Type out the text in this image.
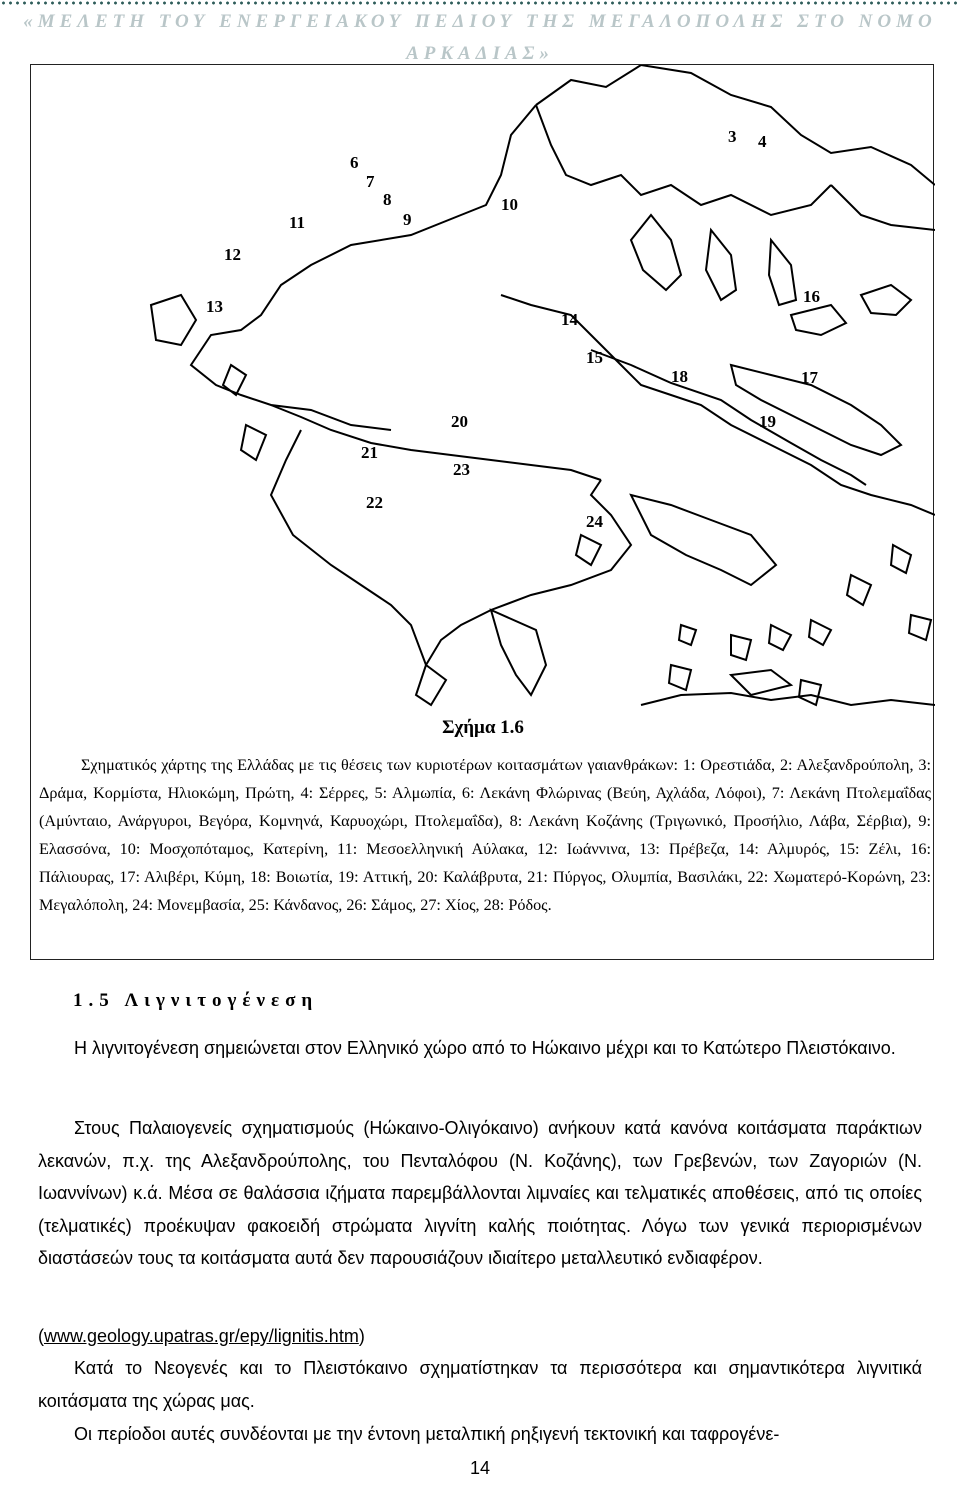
«ΜΕΛΕΤΗ ΤΟΥ ΕΝΕΡΓΕΙΑΚΟΥ ΠΕΔΙΟΥ ΤΗΣ ΜΕΓΑΛΟΠΟΛΗΣ ΣΤΟ ΝΟΜΟ
ΑΡΚΑΔΙΑΣ»
3 4
6
7
8
9
10
11
12
13
14
15
16
17
18
19
20
21
22
23
24
Σχήμα 1.6
Σχηματικός χάρτης της Ελλάδας με τις θέσεις των κυριοτέρων κοιτασμάτων γαιανθράκων: 1: Ορεστιάδα, 2: Αλεξανδρούπολη, 3: Δράμα, Κορμίστα, Ηλιοκώμη, Πρώτη, 4: Σέρρες, 5: Αλμωπία, 6: Λεκάνη Φλώρινας (Βεύη, Αχλάδα, Λόφοι), 7: Λεκάνη Πτολεμαΐδας (Αμύνταιο, Ανάργυροι, Βεγόρα, Κομνηνά, Καρυοχώρι, Πτολεμαΐδα), 8: Λεκάνη Κοζάνης (Τριγωνικό, Προσήλιο, Λάβα, Σέρβια), 9: Ελασσόνα, 10: Μοσχοπόταμος, Κατερίνη, 11: Μεσοελληνική Αύλακα, 12: Ιωάννινα, 13: Πρέβεζα, 14: Αλμυρός, 15: Ζέλι, 16: Πάλιουρας, 17: Αλιβέρι, Κύμη, 18: Βοιωτία, 19: Αττική, 20: Καλάβρυτα, 21: Πύργος, Ολυμπία, Βασιλάκι, 22: Χωματερό-Κορώνη, 23: Μεγαλόπολη, 24: Μονεμβασία, 25: Κάνδανος, 26: Σάμος, 27: Χίος, 28: Ρόδος.
1.5 Λιγνιτογένεση
Η λιγνιτογένεση σημειώνεται στον Ελληνικό χώρο από το Ηώκαινο μέχρι και το Κατώτερο Πλειστόκαινο.
Στους Παλαιογενείς σχηματισμούς (Ηώκαινο-Ολιγόκαινο) ανήκουν κατά κανόνα κοιτάσματα παράκτιων λεκανών, π.χ. της Αλεξανδρούπολης, του Πενταλόφου (Ν. Κοζάνης), των Γρεβενών, των Ζαγοριών (Ν. Ιωαννίνων) κ.ά. Μέσα σε θαλάσσια ιζήματα παρεμβάλλονται λιμναίες και τελματικές αποθέσεις, από τις οποίες (τελματικές) προέκυψαν φακοειδή στρώματα λιγνίτη καλής ποιότητας. Λόγω των γενικά περιορισμένων διαστάσεών τους τα κοιτάσματα αυτά δεν παρουσιάζουν ιδιαίτερο μεταλλευτικό ενδιαφέρον.
(www.geology.upatras.gr/epy/lignitis.htm)
Κατά το Νεογενές και το Πλειστόκαινο σχηματίστηκαν τα περισσότερα και σημαντικότερα λιγνιτικά κοιτάσματα της χώρας μας.
Οι περίοδοι αυτές συνδέονται με την έντονη μεταλπική ρηξιγενή τεκτονική και ταφρογένε-
14
